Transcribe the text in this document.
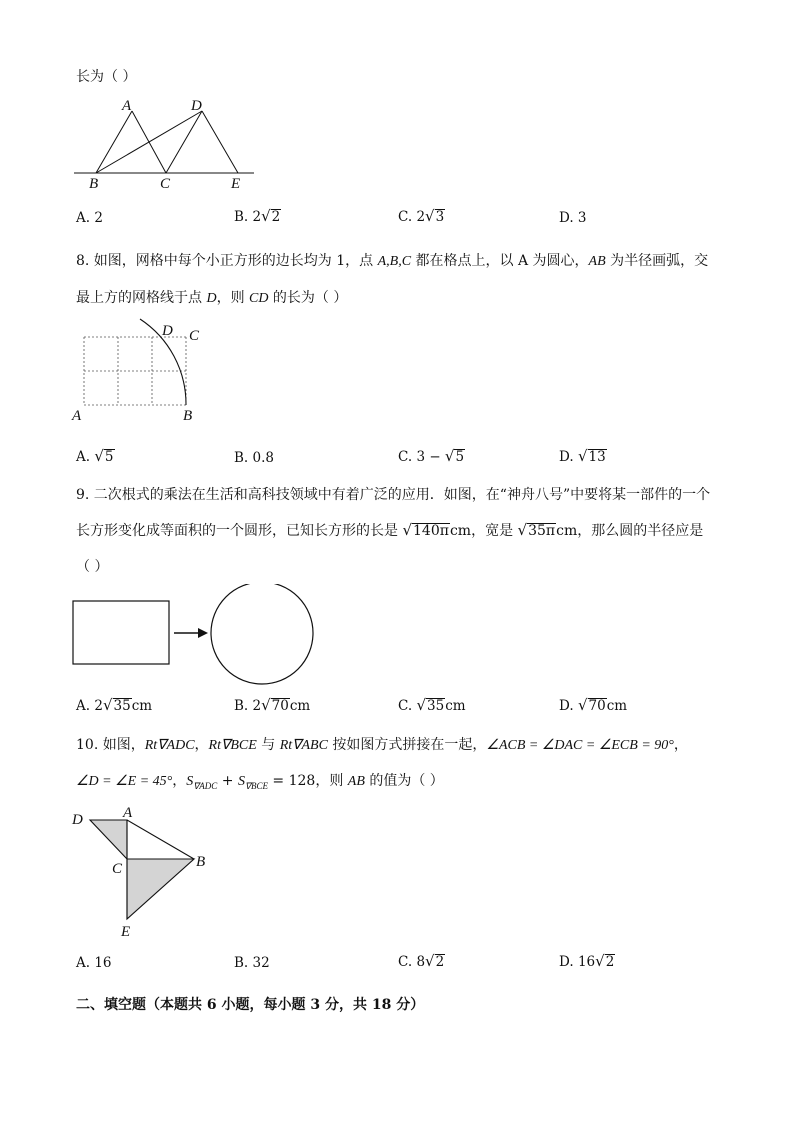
长为（ ）
A	D
B	C	E
A. 2	B. 2√2	C. 2√3	D. 3
8. 如图，网格中每个小正方形的边长均为 1，点 A,B,C 都在格点上，以 A 为圆心，AB 为半径画弧，交
最上方的网格线于点 D，则 CD 的长为（ ）
D C
A	B
A. √5	B. 0.8	C. 3 − √5	D. √13
9. 二次根式的乘法在生活和高科技领域中有着广泛的应用．如图，在“神舟八号”中要将某一部件的一个
长方形变化成等面积的一个圆形，已知长方形的长是 √140πcm，宽是 √35πcm，那么圆的半径应是
（ ）
A. 2√35cm	B. 2√70cm	C. √35cm	D. √70cm
10. 如图，Rt∇ADC，Rt∇BCE 与 Rt∇ABC 按如图方式拼接在一起，∠ACB = ∠DAC = ∠ECB = 90°，
∠D = ∠E = 45°，$S_{\nabla ADC} + S_{\nabla BCE} = 128$，则 AB 的值为（ ）
D	A
C	B
E
A. 16	B. 32	C. 8√2	D. 16√2
二、填空题（本题共 6 小题，每小题 3 分，共 18 分）
